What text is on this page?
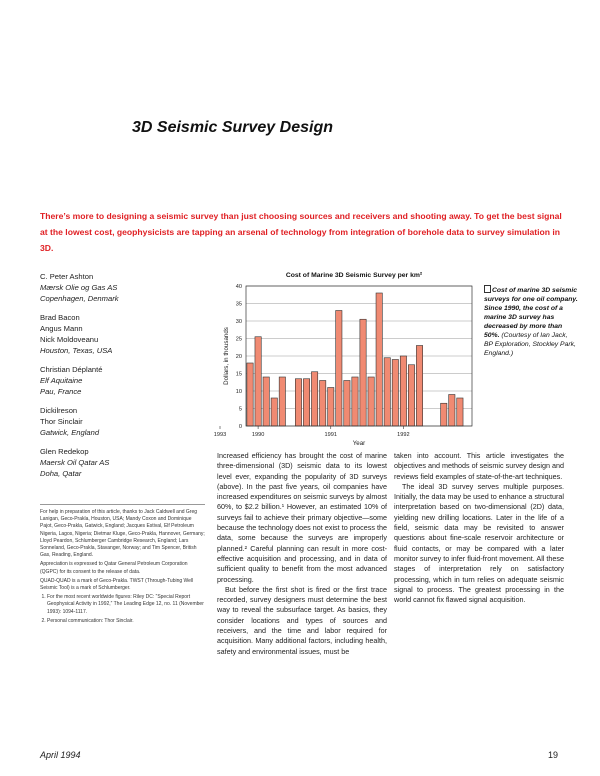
3D Seismic Survey Design
There’s more to designing a seismic survey than just choosing sources and receivers and shooting away. To get the best signal at the lowest cost, geophysicists are tapping an arsenal of technology from integration of borehole data to survey simulation in 3D.
C. Peter Ashton
Mærsk Olie og Gas AS
Copenhagen, Denmark
Brad Bacon
Angus Mann
Nick Moldoveanu
Houston, Texas, USA
Christian Déplanté
Elf Aquitaine
Pau, France
Dickilreson
Thor Sinclair
Gatwick, England
Glen Redekop
Maersk Oil Qatar AS
Doha, Qatar

For help in preparation of this article, thanks to Jack Caldwell and Greg Lanigan, Geco-Prakla, Houston, USA; Mandy Coxon and Dominique Pajot, Geco-Prakla, Gatwick, England; Jacques Estival, Elf Petroleum Nigeria, Lagos, Nigeria; Dietmar Kluge, Geco-Prakla, Hannover, Germany; Lloyd Peardon, Schlumberger Cambridge Research, England; Lars Sonneland, Geco-Prakla, Stavanger, Norway; and Tim Spencer, British Gas, Reading, England.

Appreciation is expressed to Qatar General Petroleum Corporation (QGPC) for its consent to the release of data.

QUAD-QUAD is a mark of Geco-Prakla. TWST (Through-Tubing Well Seismic Tool) is a mark of Schlumberger.

1. For the most recent worldwide figures: Riley DC: “Special Report Geophysical Activity in 1992,” The Leading Edge 12, no. 11 (November 1993): 1094-1117.
2. Personal communication: Thor Sinclair.
Cost of Marine 3D Seismic Survey per km²
0
5
10
15
20
25
30
35
40
1990	1991	1992
1993
Dollars, in thousands
Year
Cost of marine 3D seismic surveys for one oil company. Since 1990, the cost of a marine 3D survey has decreased by more than 50%. (Courtesy of Ian Jack, BP Exploration, Stockley Park, England.)

Increased efficiency has brought the cost of marine three-dimensional (3D) seismic data to its lowest level ever, expanding the popularity of 3D surveys (above). In the past five years, oil companies have increased expenditures on seismic surveys by almost 60%, to $2.2 billion.¹ However, an estimated 10% of surveys fail to achieve their primary objective—some because the technology does not exist to process the data, some because the surveys are improperly planned.² Careful planning can result in more cost-effective acquisition and processing, and in data of sufficient quality to benefit from the most advanced processing.

But before the first shot is fired or the first trace recorded, survey designers must determine the best way to reveal the subsurface target. As basics, they consider locations and types of sources and receivers, and the time and labor required for acquisition. Many additional factors, including health, safety and environmental issues, must be

taken into account. This article investigates the objectives and methods of seismic survey design and reviews field examples of state-of-the-art techniques.

The ideal 3D survey serves multiple purposes. Initially, the data may be used to enhance a structural interpretation based on two-dimensional (2D) data, yielding new drilling locations. Later in the life of a field, seismic data may be revisited to answer questions about fine-scale reservoir architecture or fluid contacts, or may be compared with a later monitor survey to infer fluid-front movement. All these stages of interpretation rely on satisfactory processing, which in turn relies on adequate seismic signal to process. The greatest processing in the world cannot fix flawed signal acquisition.

April 1994	19
